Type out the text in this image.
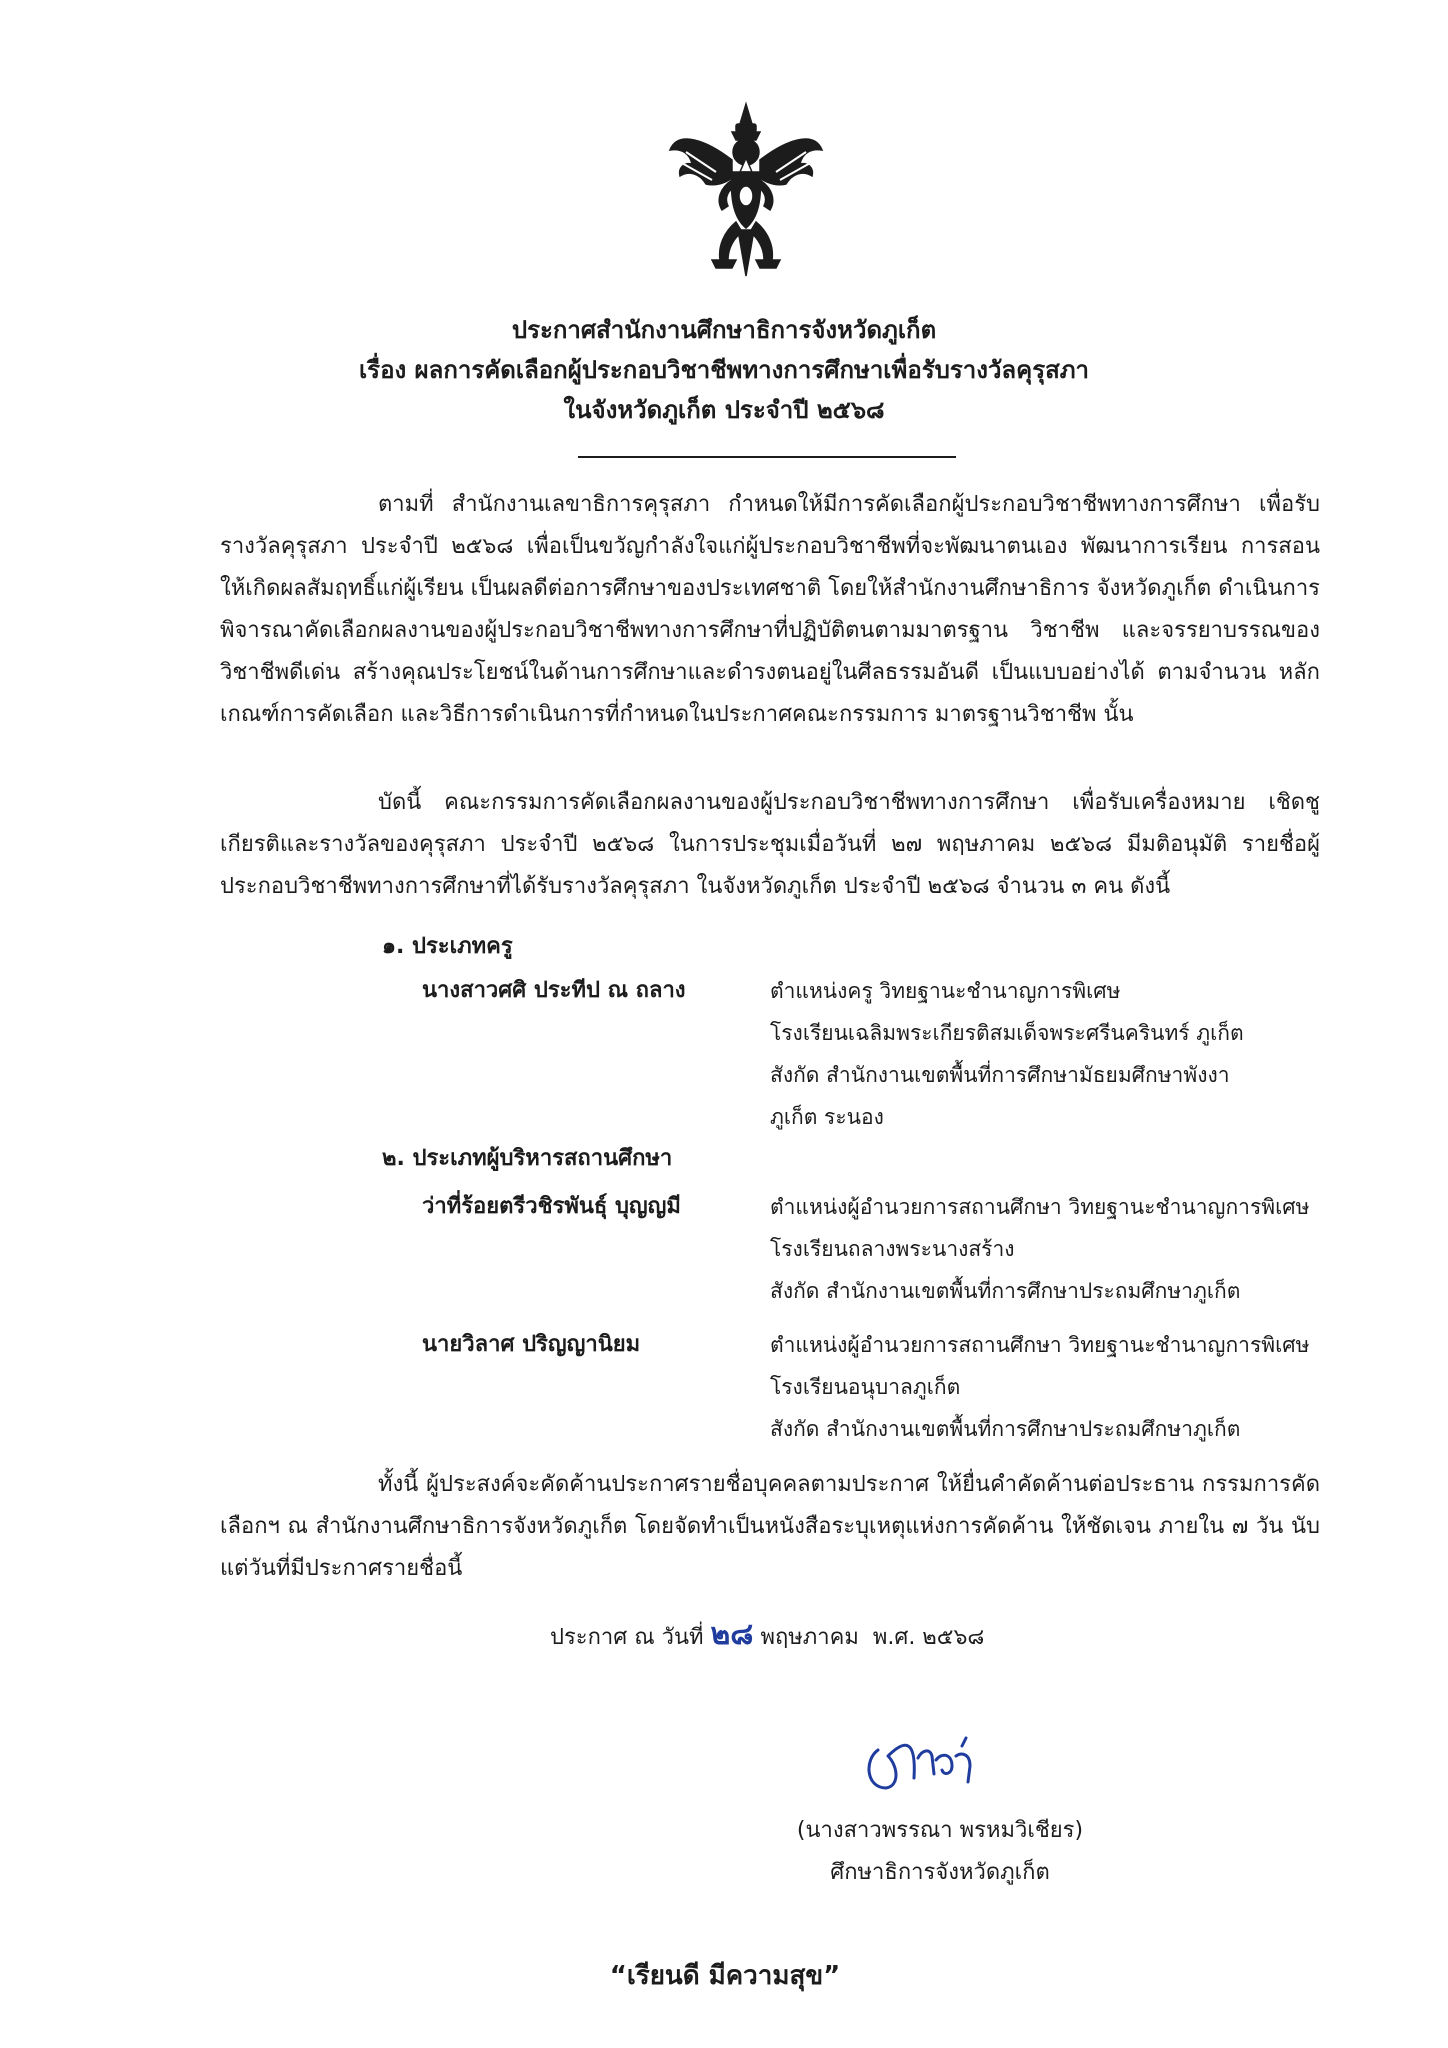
ประกาศสำนักงานศึกษาธิการจังหวัดภูเก็ต
เรื่อง ผลการคัดเลือกผู้ประกอบวิชาชีพทางการศึกษาเพื่อรับรางวัลคุรุสภา
ในจังหวัดภูเก็ต ประจำปี ๒๕๖๘

ตามที่ สำนักงานเลขาธิการคุรุสภา กำหนดให้มีการคัดเลือกผู้ประกอบวิชาชีพทางการศึกษา เพื่อรับรางวัลคุรุสภา ประจำปี ๒๕๖๘ เพื่อเป็นขวัญกำลังใจแก่ผู้ประกอบวิชาชีพที่จะพัฒนาตนเอง พัฒนาการเรียน การสอน ให้เกิดผลสัมฤทธิ์แก่ผู้เรียน เป็นผลดีต่อการศึกษาของประเทศชาติ โดยให้สำนักงานศึกษาธิการ จังหวัดภูเก็ต ดำเนินการพิจารณาคัดเลือกผลงานของผู้ประกอบวิชาชีพทางการศึกษาที่ปฏิบัติตนตามมาตรฐาน วิชาชีพ และจรรยาบรรณของวิชาชีพดีเด่น สร้างคุณประโยชน์ในด้านการศึกษาและดำรงตนอยู่ในศีลธรรมอันดี เป็นแบบอย่างได้ ตามจำนวน หลักเกณฑ์การคัดเลือก และวิธีการดำเนินการที่กำหนดในประกาศคณะกรรมการ มาตรฐานวิชาชีพ นั้น

บัดนี้ คณะกรรมการคัดเลือกผลงานของผู้ประกอบวิชาชีพทางการศึกษา เพื่อรับเครื่องหมาย เชิดชูเกียรติและรางวัลของคุรุสภา ประจำปี ๒๕๖๘ ในการประชุมเมื่อวันที่ ๒๗ พฤษภาคม ๒๕๖๘ มีมติอนุมัติ รายชื่อผู้ประกอบวิชาชีพทางการศึกษาที่ได้รับรางวัลคุรุสภา ในจังหวัดภูเก็ต ประจำปี ๒๕๖๘ จำนวน ๓ คน ดังนี้

๑. ประเภทครู
นางสาวศศิ ประทีป ณ ถลาง	ตำแหน่งครู วิทยฐานะชำนาญการพิเศษ
โรงเรียนเฉลิมพระเกียรติสมเด็จพระศรีนครินทร์ ภูเก็ต
สังกัด สำนักงานเขตพื้นที่การศึกษามัธยมศึกษาพังงา
ภูเก็ต ระนอง
๒. ประเภทผู้บริหารสถานศึกษา
ว่าที่ร้อยตรีวชิรพันธุ์ บุญญมี	ตำแหน่งผู้อำนวยการสถานศึกษา วิทยฐานะชำนาญการพิเศษ
โรงเรียนถลางพระนางสร้าง
สังกัด สำนักงานเขตพื้นที่การศึกษาประถมศึกษาภูเก็ต
นายวิลาศ ปริญญานิยม	ตำแหน่งผู้อำนวยการสถานศึกษา วิทยฐานะชำนาญการพิเศษ
โรงเรียนอนุบาลภูเก็ต
สังกัด สำนักงานเขตพื้นที่การศึกษาประถมศึกษาภูเก็ต

ทั้งนี้ ผู้ประสงค์จะคัดค้านประกาศรายชื่อบุคคลตามประกาศ ให้ยื่นคำคัดค้านต่อประธาน กรรมการคัดเลือกฯ ณ สำนักงานศึกษาธิการจังหวัดภูเก็ต โดยจัดทำเป็นหนังสือระบุเหตุแห่งการคัดค้าน ให้ชัดเจน ภายใน ๗ วัน นับแต่วันที่มีประกาศรายชื่อนี้

ประกาศ ณ วันที่ ๒๘ พฤษภาคม พ.ศ. ๒๕๖๘
(นางสาวพรรณา พรหมวิเชียร)
ศึกษาธิการจังหวัดภูเก็ต
“เรียนดี มีความสุข”
